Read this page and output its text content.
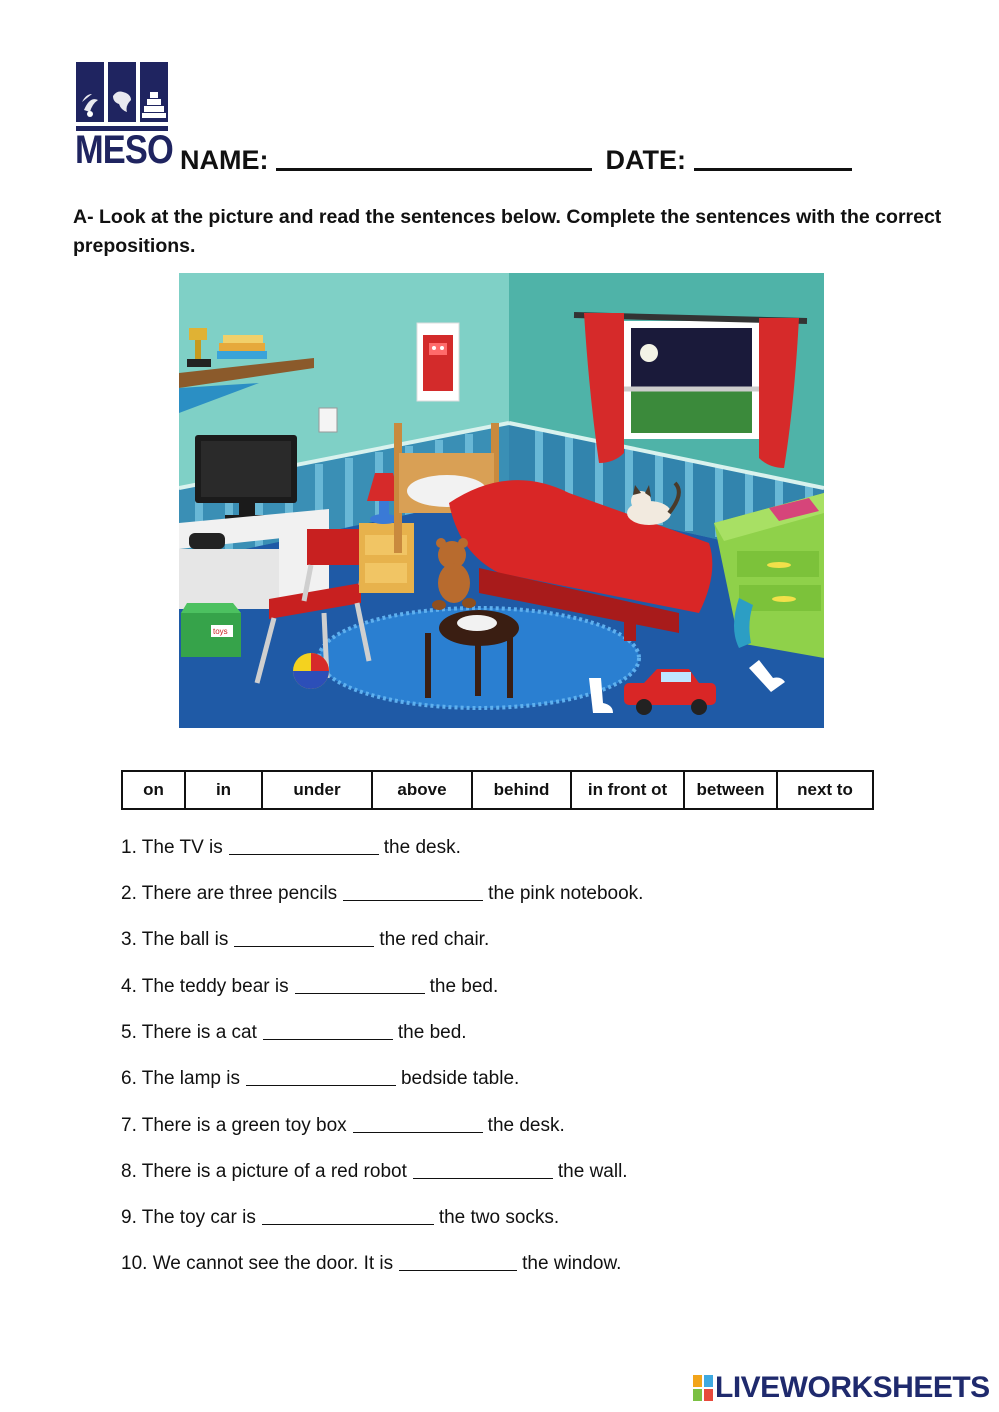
MESO NAME:	DATE:
A- Look at the picture and read the sentences below. Complete the sentences with the correct prepositions.
toys
on	in	under	above	behind	in front ot	between	next to
1. The TV is	the desk.
2. There are three pencils	the pink notebook.
3. The ball is	the red chair.
4. The teddy bear is	the bed.
5. There is a cat	the bed.
6. The lamp is	bedside table.
7. There is a green toy box	the desk.
8. There is a picture of a red robot	the wall.
9. The toy car is	the two socks.
10. We cannot see the door. It is	the window.
LIVEWORKSHEETS
